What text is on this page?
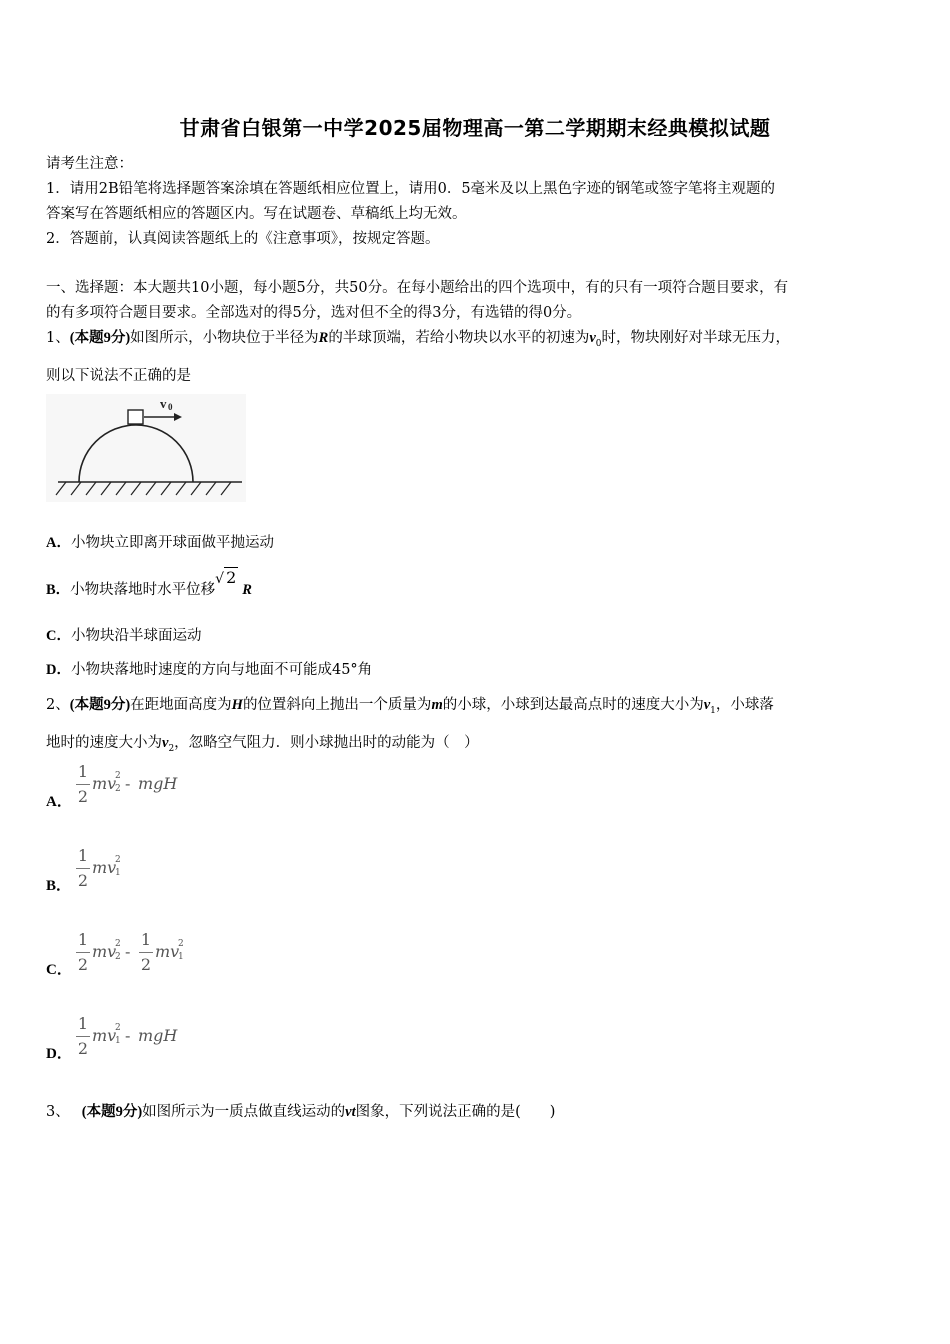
甘肃省白银第一中学2025届物理高一第二学期期末经典模拟试题
请考生注意：
1．请用2B铅笔将选择题答案涂填在答题纸相应位置上，请用0．5毫米及以上黑色字迹的钢笔或签字笔将主观题的
答案写在答题纸相应的答题区内。写在试题卷、草稿纸上均无效。
2．答题前，认真阅读答题纸上的《注意事项》，按规定答题。
一、选择题：本大题共10小题，每小题5分，共50分。在每小题给出的四个选项中，有的只有一项符合题目要求，有
的有多项符合题目要求。全部选对的得5分，选对但不全的得3分，有选错的得0分。
1、(本题9分)如图所示，小物块位于半径为R的半球顶端，若给小物块以水平的初速为$v_0$时，物块刚好对半球无压力，
则以下说法不正确的是
v 0
A．小物块立即离开球面做平抛运动
B．小物块落地时水平位移√ 2R
C．小物块沿半球面运动
D．小物块落地时速度的方向与地面不可能成45°角
2、(本题9分)在距地面高度为H的位置斜向上抛出一个质量为m的小球，小球到达最高点时的速度大小为$v_1$，小球落
地时的速度大小为$v_2$，忽略空气阻力．则小球抛出时的动能为（　）
A．
1
2
mv
2
2 - mgH
B．
1
2
mv
2
1
C．
1
2
mv
2
2 -
1
2
mv
2
1
D．
1
2
mv
2
1 - mgH
3、 (本题9分)如图所示为一质点做直线运动的vt图象，下列说法正确的是(　　)
